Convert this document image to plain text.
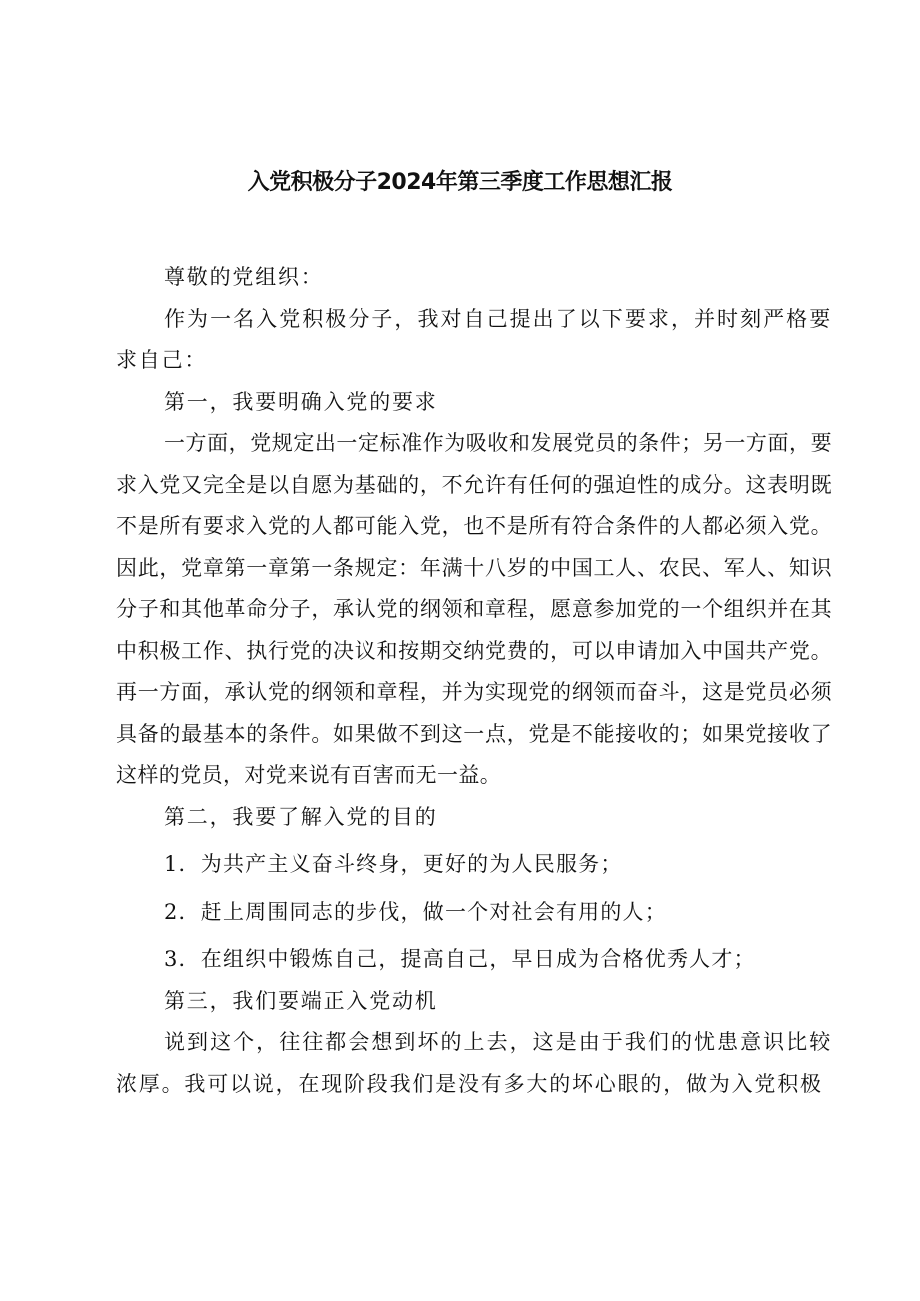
入党积极分子2024年第三季度工作思想汇报

尊敬的党组织：

作为一名入党积极分子，我对自己提出了以下要求，并时刻严格要求自己：

第一，我要明确入党的要求

一方面，党规定出一定标准作为吸收和发展党员的条件；另一方面，要求入党又完全是以自愿为基础的，不允许有任何的强迫性的成分。这表明既不是所有要求入党的人都可能入党，也不是所有符合条件的人都必须入党。因此，党章第一章第一条规定：年满十八岁的中国工人、农民、军人、知识分子和其他革命分子，承认党的纲领和章程，愿意参加党的一个组织并在其中积极工作、执行党的决议和按期交纳党费的，可以申请加入中国共产党。再一方面，承认党的纲领和章程，并为实现党的纲领而奋斗，这是党员必须具备的最基本的条件。如果做不到这一点，党是不能接收的；如果党接收了这样的党员，对党来说有百害而无一益。

第二，我要了解入党的目的

1．为共产主义奋斗终身，更好的为人民服务；

2．赶上周围同志的步伐，做一个对社会有用的人；

3．在组织中锻炼自己，提高自己，早日成为合格优秀人才；

第三，我们要端正入党动机

说到这个，往往都会想到坏的上去，这是由于我们的忧患意识比较浓厚。我可以说，在现阶段我们是没有多大的坏心眼的，做为入党积极
